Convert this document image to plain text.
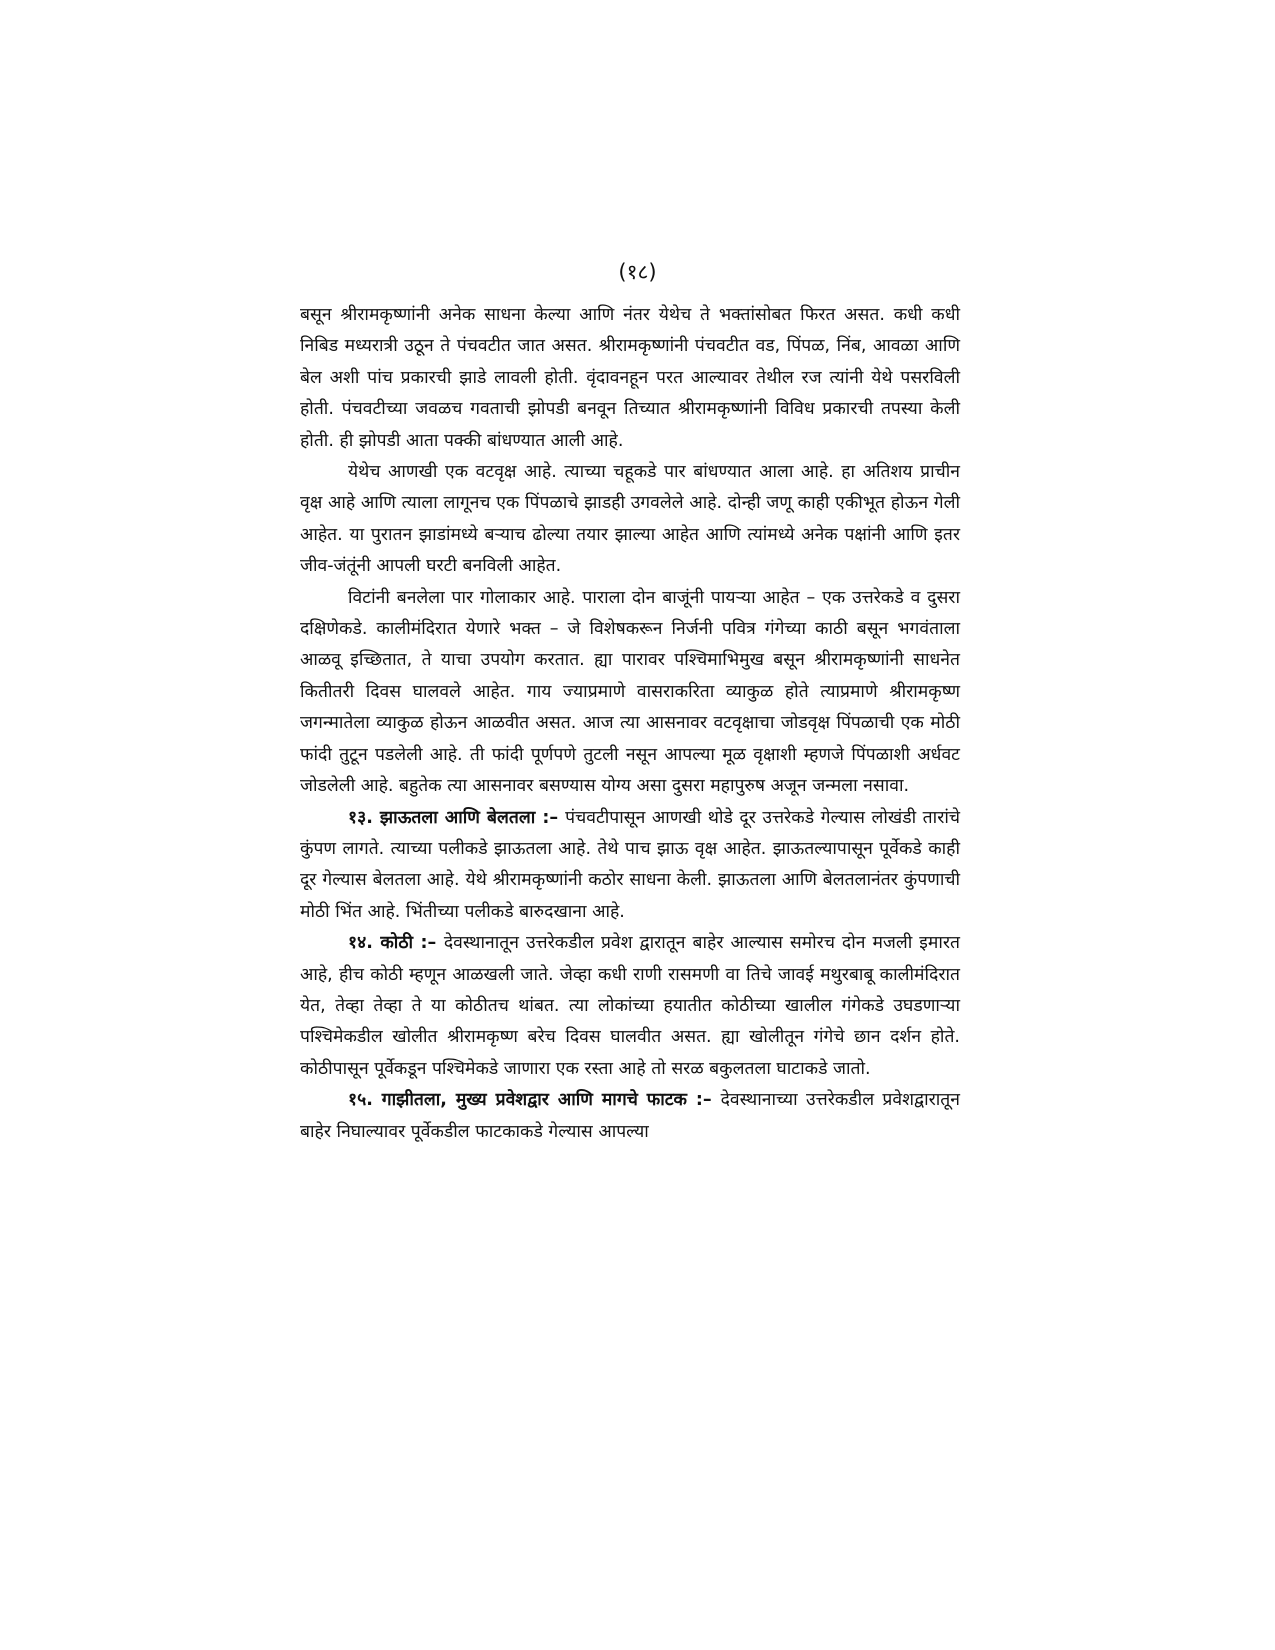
(१८)

बसून श्रीरामकृष्णांनी अनेक साधना केल्या आणि नंतर येथेच ते भक्तांसोबत फिरत असत. कधी कधी निबिड मध्यरात्री उठून ते पंचवटीत जात असत. श्रीरामकृष्णांनी पंचवटीत वड, पिंपळ, निंब, आवळा आणि बेल अशी पांच प्रकारची झाडे लावली होती. वृंदावनहून परत आल्यावर तेथील रज त्यांनी येथे पसरविली होती. पंचवटीच्या जवळच गवताची झोपडी बनवून तिच्यात श्रीरामकृष्णांनी विविध प्रकारची तपस्या केली होती. ही झोपडी आता पक्की बांधण्यात आली आहे.

येथेच आणखी एक वटवृक्ष आहे. त्याच्या चहूकडे पार बांधण्यात आला आहे. हा अतिशय प्राचीन वृक्ष आहे आणि त्याला लागूनच एक पिंपळाचे झाडही उगवलेले आहे. दोन्ही जणू काही एकीभूत होऊन गेली आहेत. या पुरातन झाडांमध्ये बऱ्याच ढोल्या तयार झाल्या आहेत आणि त्यांमध्ये अनेक पक्षांनी आणि इतर जीव-जंतूंनी आपली घरटी बनविली आहेत.

विटांनी बनलेला पार गोलाकार आहे. पाराला दोन बाजूंनी पायऱ्या आहेत – एक उत्तरेकडे व दुसरा दक्षिणेकडे. कालीमंदिरात येणारे भक्त – जे विशेषकरून निर्जनी पवित्र गंगेच्या काठी बसून भगवंताला आळवू इच्छितात, ते याचा उपयोग करतात. ह्या पारावर पश्चिमाभिमुख बसून श्रीरामकृष्णांनी साधनेत कितीतरी दिवस घालवले आहेत. गाय ज्याप्रमाणे वासराकरिता व्याकुळ होते त्याप्रमाणे श्रीरामकृष्ण जगन्मातेला व्याकुळ होऊन आळवीत असत. आज त्या आसनावर वटवृक्षाचा जोडवृक्ष पिंपळाची एक मोठी फांदी तुटून पडलेली आहे. ती फांदी पूर्णपणे तुटली नसून आपल्या मूळ वृक्षाशी म्हणजे पिंपळाशी अर्धवट जोडलेली आहे. बहुतेक त्या आसनावर बसण्यास योग्य असा दुसरा महापुरुष अजून जन्मला नसावा.

१३. झाऊतला आणि बेलतला :– पंचवटीपासून आणखी थोडे दूर उत्तरेकडे गेल्यास लोखंडी तारांचे कुंपण लागते. त्याच्या पलीकडे झाऊतला आहे. तेथे पाच झाऊ वृक्ष आहेत. झाऊतल्यापासून पूर्वेकडे काही दूर गेल्यास बेलतला आहे. येथे श्रीरामकृष्णांनी कठोर साधना केली. झाऊतला आणि बेलतलानंतर कुंपणाची मोठी भिंत आहे. भिंतीच्या पलीकडे बारुदखाना आहे.

१४. कोठी :– देवस्थानातून उत्तरेकडील प्रवेश द्वारातून बाहेर आल्यास समोरच दोन मजली इमारत आहे, हीच कोठी म्हणून आळखली जाते. जेव्हा कधी राणी रासमणी वा तिचे जावई मथुरबाबू कालीमंदिरात येत, तेव्हा तेव्हा ते या कोठीतच थांबत. त्या लोकांच्या हयातीत कोठीच्या खालील गंगेकडे उघडणाऱ्या पश्चिमेकडील खोलीत श्रीरामकृष्ण बरेच दिवस घालवीत असत. ह्या खोलीतून गंगेचे छान दर्शन होते. कोठीपासून पूर्वेकडून पश्चिमेकडे जाणारा एक रस्ता आहे तो सरळ बकुलतला घाटाकडे जातो.

१५. गाझीतला, मुख्य प्रवेशद्वार आणि मागचे फाटक :– देवस्थानाच्या उत्तरेकडील प्रवेशद्वारातून बाहेर निघाल्यावर पूर्वेकडील फाटकाकडे गेल्यास आपल्या
